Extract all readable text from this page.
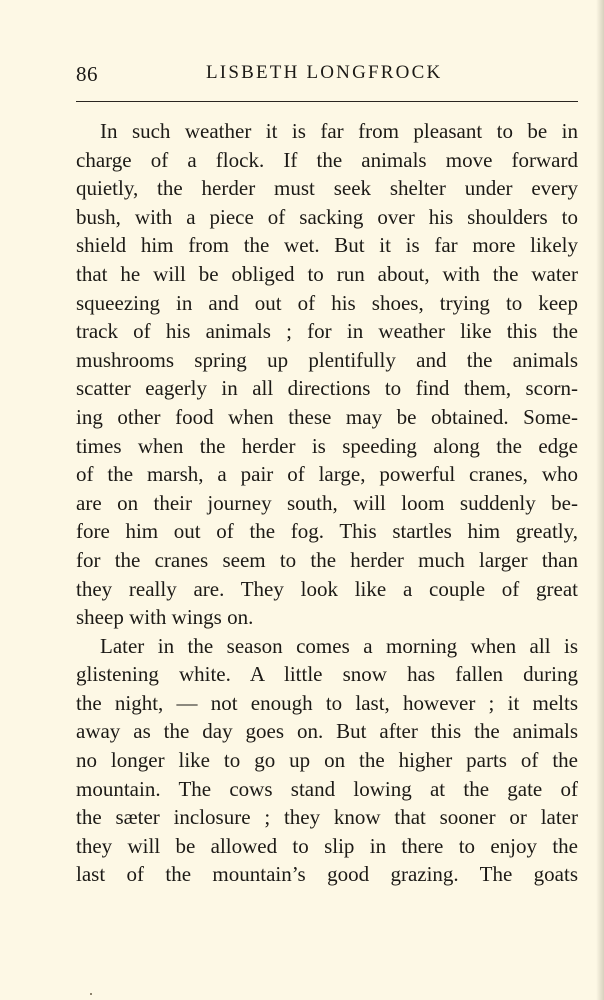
86	LISBETH LONGFROCK
In such weather it is far from pleasant to be in
charge of a flock. If the animals move forward
quietly, the herder must seek shelter under every
bush, with a piece of sacking over his shoulders to
shield him from the wet. But it is far more likely
that he will be obliged to run about, with the water
squeezing in and out of his shoes, trying to keep
track of his animals ; for in weather like this the
mushrooms spring up plentifully and the animals
scatter eagerly in all directions to find them, scorn-
ing other food when these may be obtained. Some-
times when the herder is speeding along the edge
of the marsh, a pair of large, powerful cranes, who
are on their journey south, will loom suddenly be-
fore him out of the fog. This startles him greatly,
for the cranes seem to the herder much larger than
they really are. They look like a couple of great
sheep with wings on.
Later in the season comes a morning when all is
glistening white. A little snow has fallen during
the night, — not enough to last, however ; it melts
away as the day goes on. But after this the animals
no longer like to go up on the higher parts of the
mountain. The cows stand lowing at the gate of
the sæter inclosure ; they know that sooner or later
they will be allowed to slip in there to enjoy the
last of the mountain’s good grazing. The goats
